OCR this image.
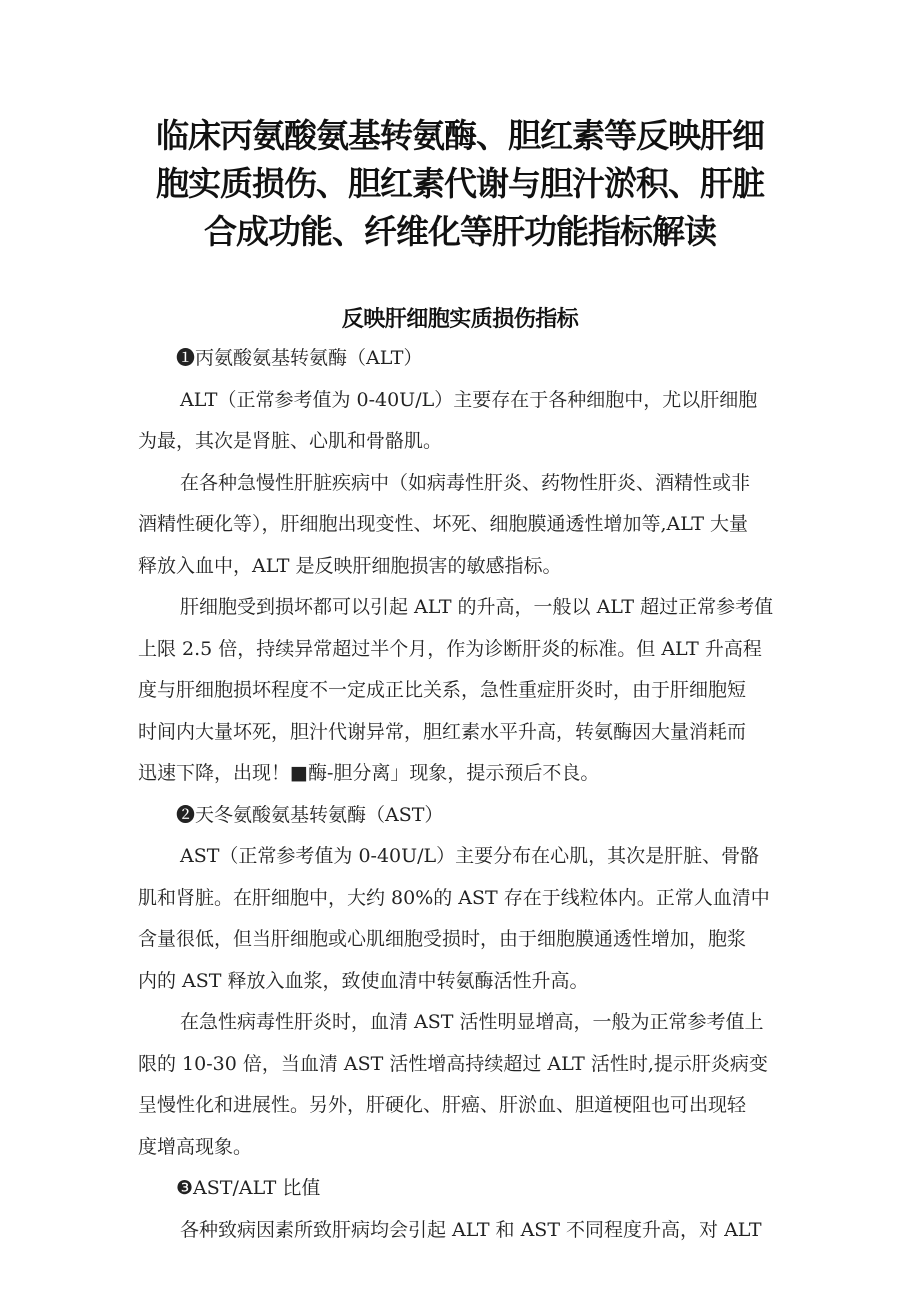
临床丙氨酸氨基转氨酶、胆红素等反映肝细
胞实质损伤、胆红素代谢与胆汁淤积、肝脏
合成功能、纤维化等肝功能指标解读
反映肝细胞实质损伤指标
❶丙氨酸氨基转氨酶（ALT）
ALT（正常参考值为 0-40U/L）主要存在于各种细胞中，尤以肝细胞
为最，其次是肾脏、心肌和骨骼肌。
在各种急慢性肝脏疾病中（如病毒性肝炎、药物性肝炎、酒精性或非
酒精性硬化等），肝细胞出现变性、坏死、细胞膜通透性增加等,ALT 大量
释放入血中，ALT 是反映肝细胞损害的敏感指标。
肝细胞受到损坏都可以引起 ALT 的升高，一般以 ALT 超过正常参考值
上限 2.5 倍，持续异常超过半个月，作为诊断肝炎的标准。但 ALT 升高程
度与肝细胞损坏程度不一定成正比关系，急性重症肝炎时，由于肝细胞短
时间内大量坏死，胆汁代谢异常，胆红素水平升高，转氨酶因大量消耗而
迅速下降，出现！■酶-胆分离」现象，提示预后不良。
❷天冬氨酸氨基转氨酶（AST）
AST（正常参考值为 0-40U/L）主要分布在心肌，其次是肝脏、骨骼
肌和肾脏。在肝细胞中，大约 80%的 AST 存在于线粒体内。正常人血清中
含量很低，但当肝细胞或心肌细胞受损时，由于细胞膜通透性增加，胞浆
内的 AST 释放入血浆，致使血清中转氨酶活性升高。
在急性病毒性肝炎时，血清 AST 活性明显增高，一般为正常参考值上
限的 10-30 倍，当血清 AST 活性增高持续超过 ALT 活性时,提示肝炎病变
呈慢性化和进展性。另外，肝硬化、肝癌、肝淤血、胆道梗阻也可出现轻
度增高现象。
❸AST/ALT 比值
各种致病因素所致肝病均会引起 ALT 和 AST 不同程度升高，对 ALT
